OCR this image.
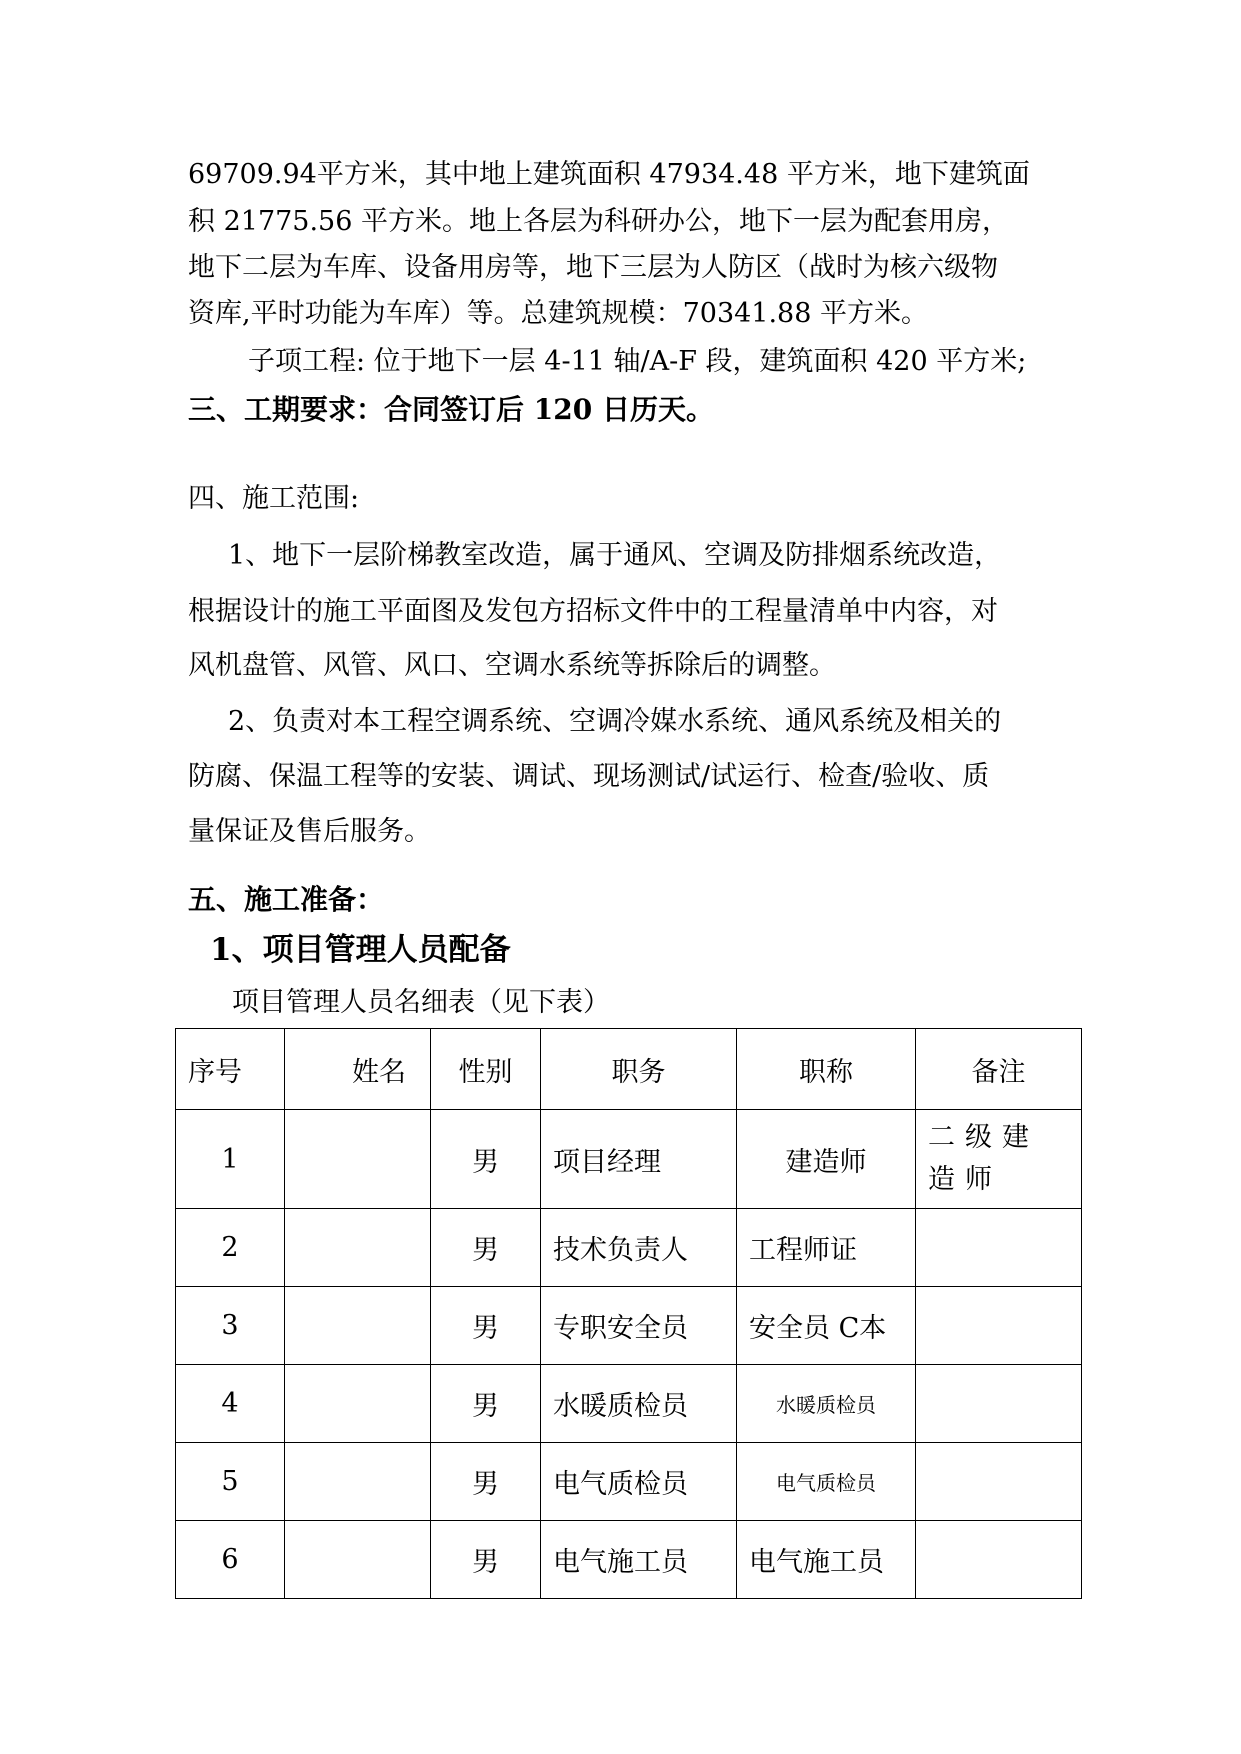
69709.94平方米，其中地上建筑面积 47934.48 平方米，地下建筑面
积 21775.56 平方米。地上各层为科研办公，地下一层为配套用房，
地下二层为车库、设备用房等，地下三层为人防区（战时为核六级物
资库,平时功能为车库）等。总建筑规模：70341.88 平方米。
子项工程: 位于地下一层 4-11 轴/A-F 段，建筑面积 420 平方米;
三、工期要求：合同签订后 120 日历天。
四、施工范围:
1、地下一层阶梯教室改造，属于通风、空调及防排烟系统改造，
根据设计的施工平面图及发包方招标文件中的工程量清单中内容，对
风机盘管、风管、风口、空调水系统等拆除后的调整。
2、负责对本工程空调系统、空调冷媒水系统、通风系统及相关的
防腐、保温工程等的安装、调试、现场测试/试运行、检查/验收、质
量保证及售后服务。
五、施工准备：
1、项目管理人员配备
项目管理人员名细表（见下表）
序号	姓名	性别	职务	职称	备注
1		男	项目经理	建造师	二级建造师
2		男	技术负责人	工程师证	
3		男	专职安全员	安全员 C本	
4		男	水暖质检员	水暖质检员	
5		男	电气质检员	电气质检员	
6		男	电气施工员	电气施工员	
